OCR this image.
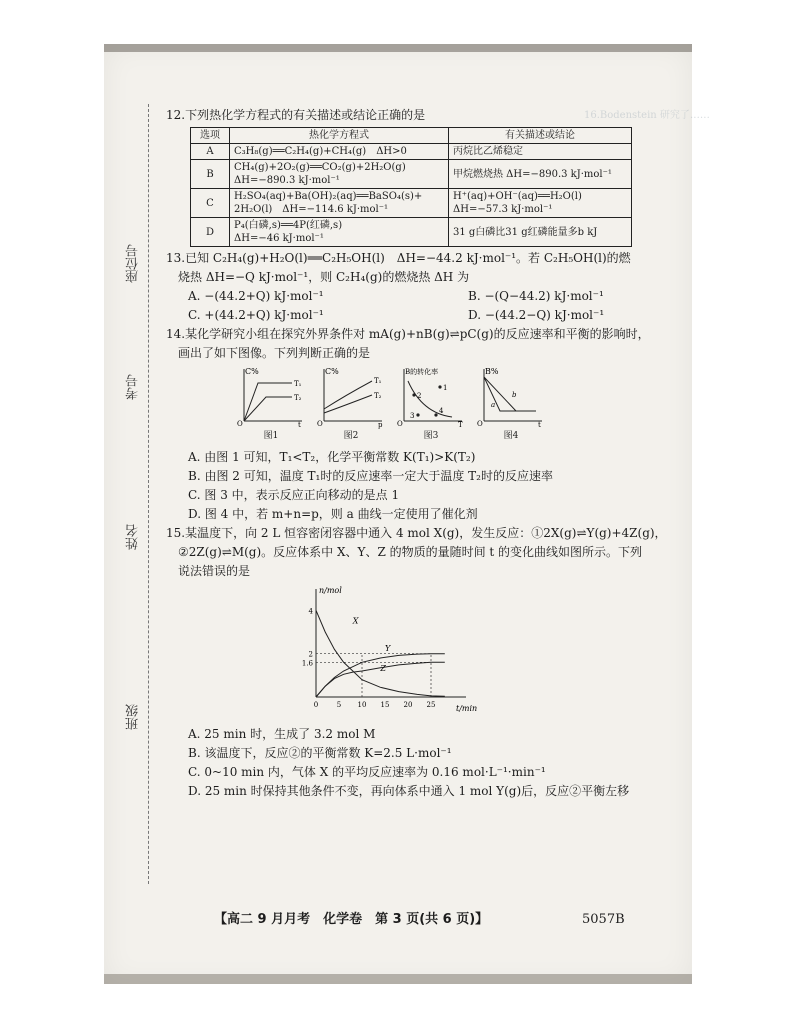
16.Bodenstein 研究了……
座位号
考号
姓名
班级

12.下列热化学方程式的有关描述或结论正确的是

选项	热化学方程式	有关描述或结论
A	C₃H₈(g)══C₂H₄(g)+CH₄(g)　ΔH>0	丙烷比乙烯稳定
B	CH₄(g)+2O₂(g)══CO₂(g)+2H₂O(g)
ΔH=−890.3 kJ·mol⁻¹	甲烷燃烧热 ΔH=−890.3 kJ·mol⁻¹
C	H₂SO₄(aq)+Ba(OH)₂(aq)══BaSO₄(s)+
2H₂O(l)　ΔH=−114.6 kJ·mol⁻¹	H⁺(aq)+OH⁻(aq)══H₂O(l)　ΔH=−57.3 kJ·mol⁻¹
D	P₄(白磷,s)══4P(红磷,s)
ΔH=−46 kJ·mol⁻¹	31 g白磷比31 g红磷能量多b kJ

13.已知 C₂H₄(g)+H₂O(l)══C₂H₅OH(l)　ΔH=−44.2 kJ·mol⁻¹。若 C₂H₅OH(l)的燃

烧热 ΔH=−Q kJ·mol⁻¹，则 C₂H₄(g)的燃烧热 ΔH 为

A. −(44.2+Q) kJ·mol⁻¹	B. −(Q−44.2) kJ·mol⁻¹
C. +(44.2+Q) kJ·mol⁻¹	D. −(44.2−Q) kJ·mol⁻¹

14.某化学研究小组在探究外界条件对 mA(g)+nB(g)⇌pC(g)的反应速率和平衡的影响时，

画出了如下图像。下列判断正确的是

C%
T₁
T₂
O	t
图1
C%
T₁
T₂
O	p
图2
B的转化率
1
2
3
4
O	T
图3
B%
a
b
O	t
图4

A. 由图 1 可知，T₁<T₂，化学平衡常数 K(T₁)>K(T₂)

B. 由图 2 可知，温度 T₁时的反应速率一定大于温度 T₂时的反应速率

C. 图 3 中，表示反应正向移动的是点 1

D. 图 4 中，若 m+n=p，则 a 曲线一定使用了催化剂

15.某温度下，向 2 L 恒容密闭容器中通入 4 mol X(g)，发生反应：①2X(g)⇌Y(g)+4Z(g)，

②2Z(g)⇌M(g)。反应体系中 X、Y、Z 的物质的量随时间 t 的变化曲线如图所示。下列

说法错误的是

t/min
n/mol
0	5 10 15 20 25
1.6
2
4
X
Y
Z

A. 25 min 时，生成了 3.2 mol M

B. 该温度下，反应②的平衡常数 K=2.5 L·mol⁻¹

C. 0~10 min 内，气体 X 的平均反应速率为 0.16 mol·L⁻¹·min⁻¹

D. 25 min 时保持其他条件不变，再向体系中通入 1 mol Y(g)后，反应②平衡左移

【高二 9 月月考　化学卷　第 3 页(共 6 页)】	5057B
